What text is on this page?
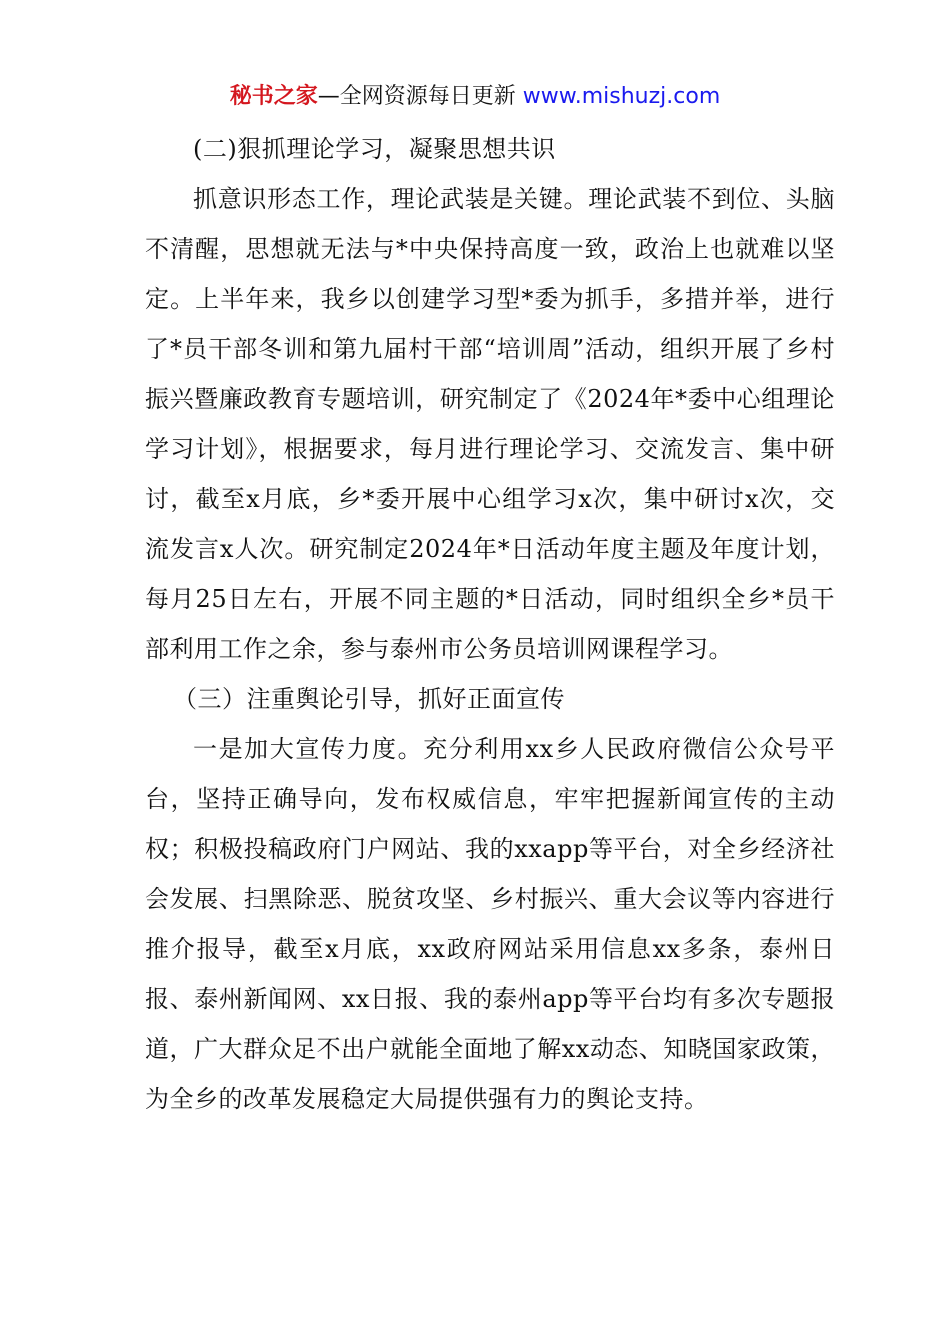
秘书之家—全网资源每日更新 www.mishuzj.com

(二)狠抓理论学习，凝聚思想共识

抓意识形态工作，理论武装是关键。理论武装不到位、头脑不清醒，思想就无法与*中央保持高度一致，政治上也就难以坚定。上半年来，我乡以创建学习型*委为抓手，多措并举，进行了*员干部冬训和第九届村干部“培训周”活动，组织开展了乡村振兴暨廉政教育专题培训，研究制定了《2024年*委中心组理论学习计划》，根据要求，每月进行理论学习、交流发言、集中研讨，截至x月底，乡*委开展中心组学习x次，集中研讨x次，交流发言x人次。研究制定2024年*日活动年度主题及年度计划，每月25日左右，开展不同主题的*日活动，同时组织全乡*员干部利用工作之余，参与泰州市公务员培训网课程学习。

（三）注重舆论引导，抓好正面宣传

一是加大宣传力度。充分利用xx乡人民政府微信公众号平台，坚持正确导向，发布权威信息，牢牢把握新闻宣传的主动权；积极投稿政府门户网站、我的xxapp等平台，对全乡经济社会发展、扫黑除恶、脱贫攻坚、乡村振兴、重大会议等内容进行推介报导，截至x月底，xx政府网站采用信息xx多条，泰州日报、泰州新闻网、xx日报、我的泰州app等平台均有多次专题报道，广大群众足不出户就能全面地了解xx动态、知晓国家政策，为全乡的改革发展稳定大局提供强有力的舆论支持。
